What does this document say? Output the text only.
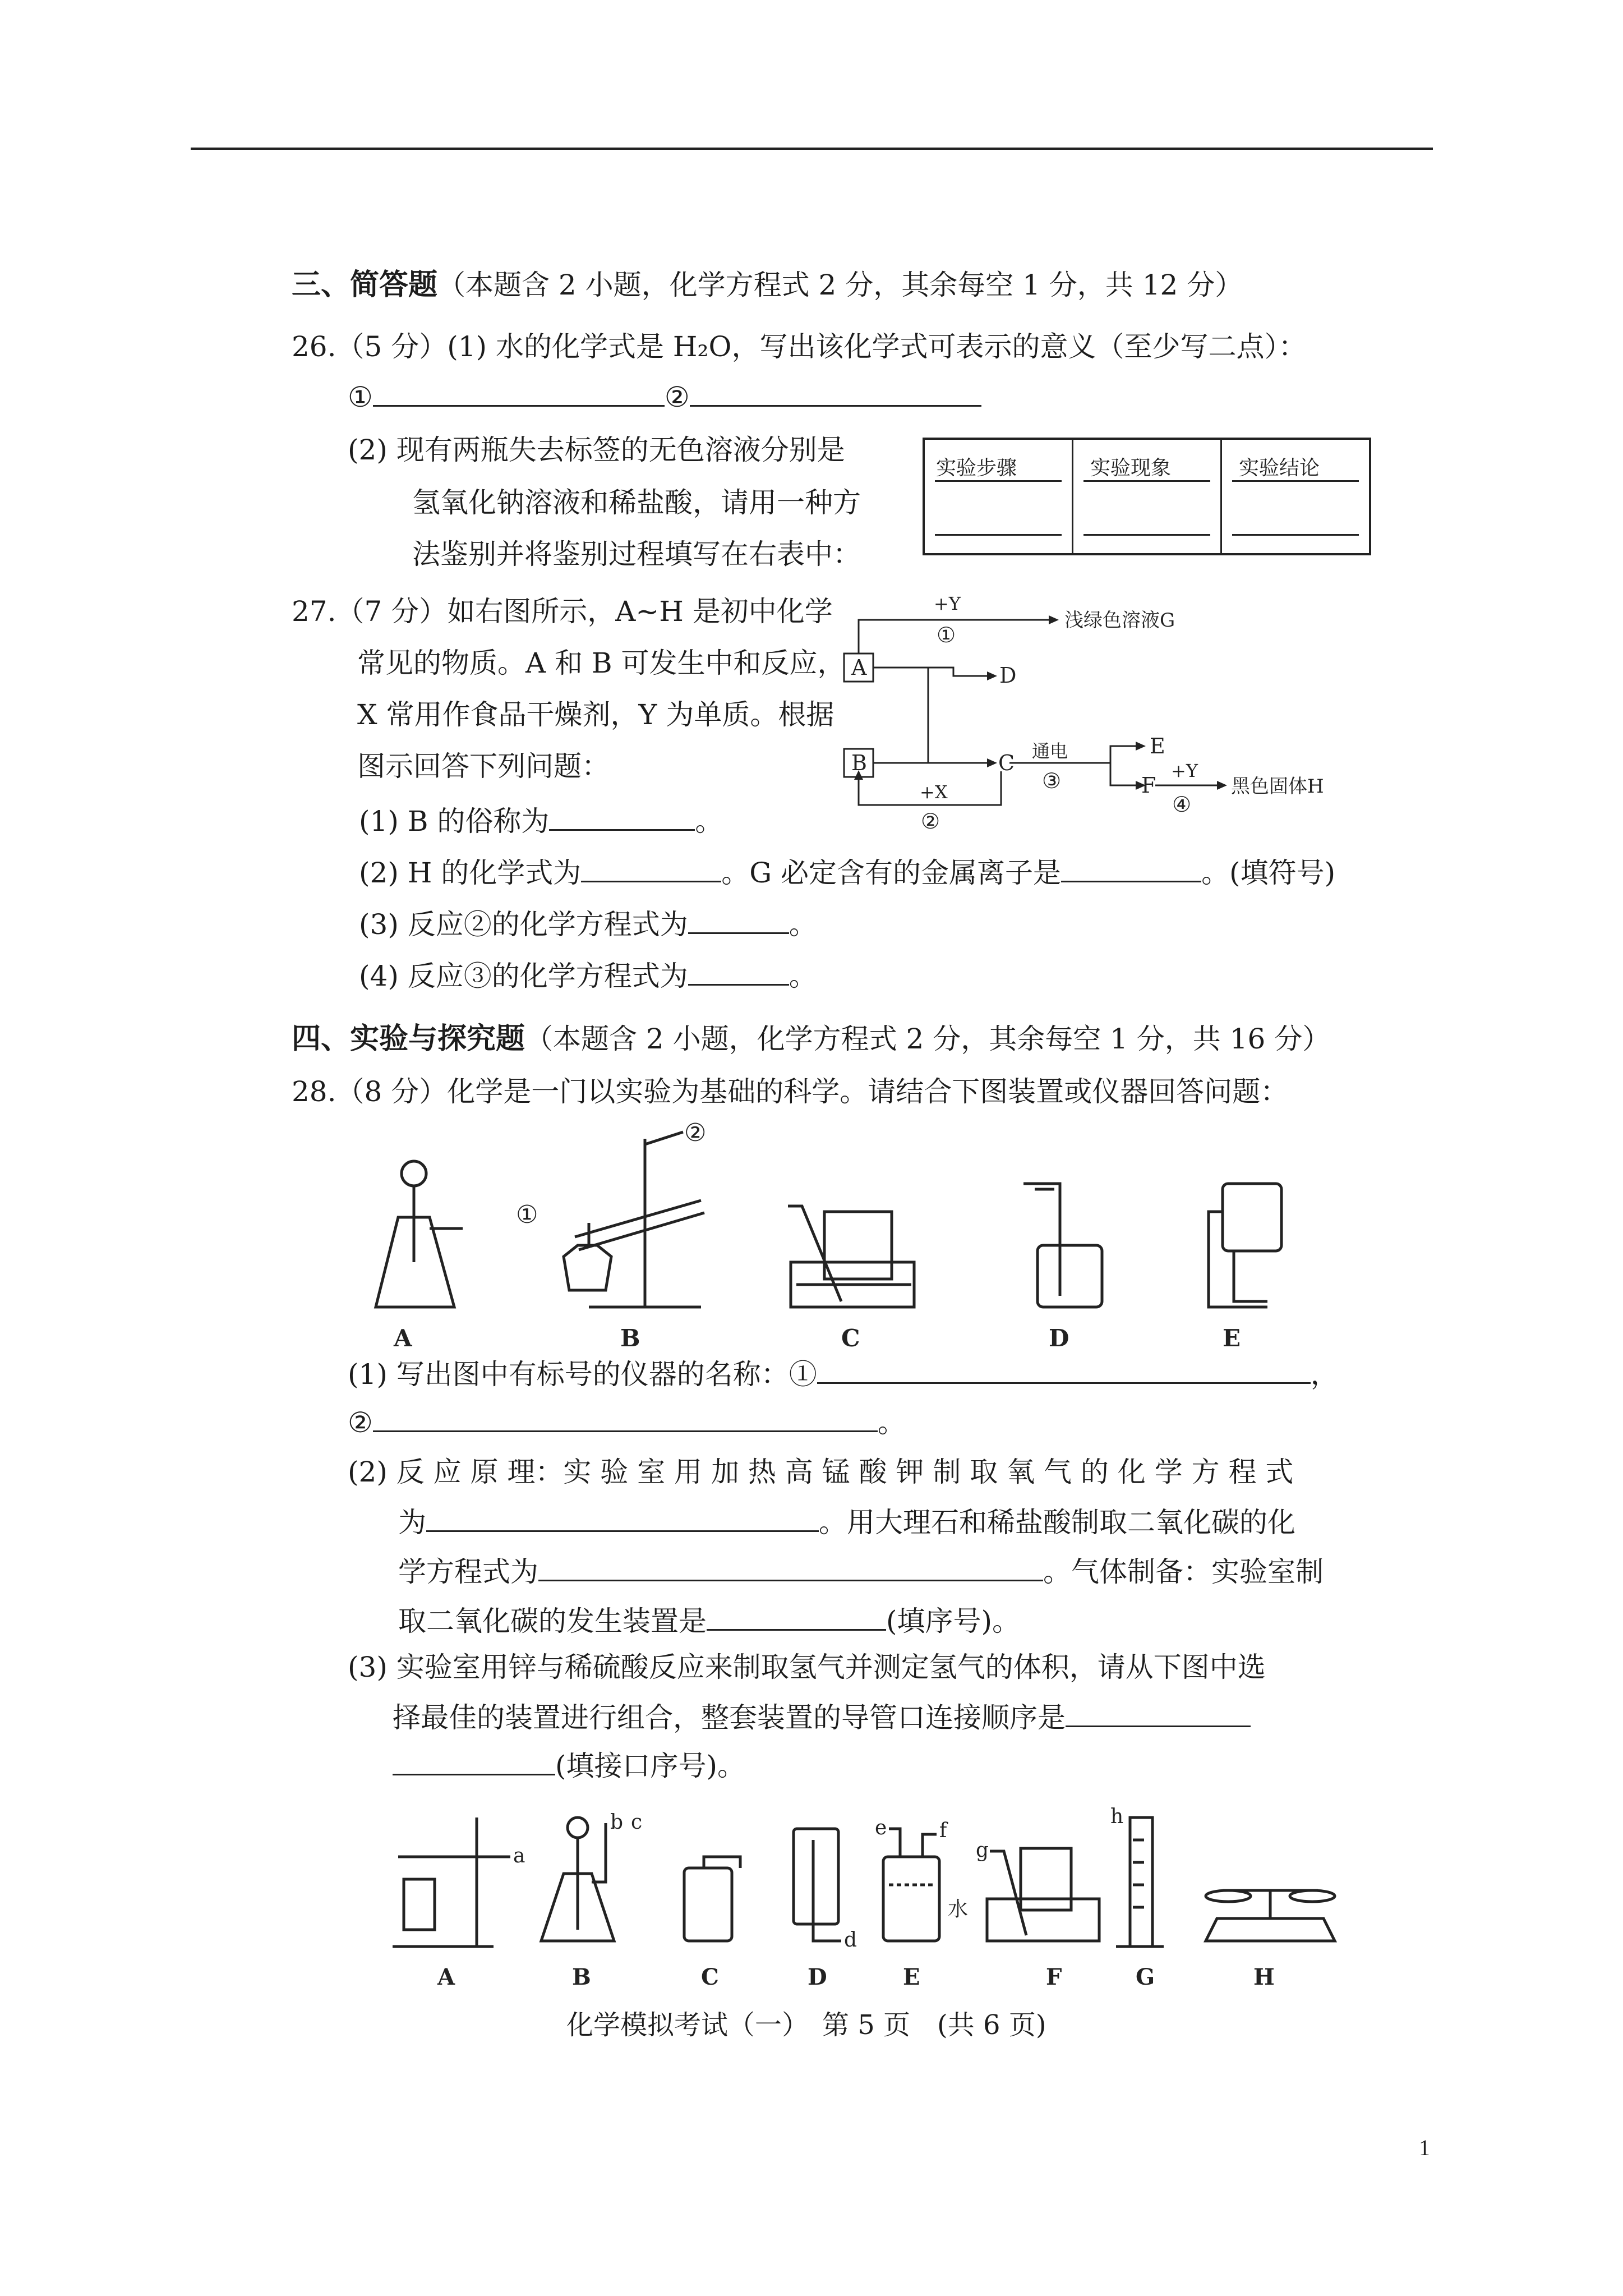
三、简答题（本题含 2 小题，化学方程式 2 分，其余每空 1 分，共 12 分）
26.（5 分）(1) 水的化学式是 H₂O，写出该化学式可表示的意义（至少写二点）：
①	②
(2) 现有两瓶失去标签的无色溶液分别是
氢氧化钠溶液和稀盐酸，请用一种方
法鉴别并将鉴别过程填写在右表中：
实验步骤	实验现象	实验结论
27.（7 分）如右图所示，A~H 是初中化学
常见的物质。A 和 B 可发生中和反应，
X 常用作食品干燥剂，Y 为单质。根据
图示回答下列问题：
A
B
+Y
①
浅绿色溶液G
D
C
+X
②
通电
③
E
F
+Y
④
黑色固体H
(1) B 的俗称为	。
(2) H 的化学式为	。G 必定含有的金属离子是	。(填符号)
(3) 反应②的化学方程式为	。
(4) 反应③的化学方程式为	。
四、实验与探究题（本题含 2 小题，化学方程式 2 分，其余每空 1 分，共 16 分）
28.（8 分）化学是一门以实验为基础的科学。请结合下图装置或仪器回答问题：
①
②
A	B	C	D	E
(1) 写出图中有标号的仪器的名称：①	，
②	。
(2) 反 应 原 理：实 验 室 用 加 热 高 锰 酸 钾 制 取 氧 气 的 化 学 方 程 式
为	。用大理石和稀盐酸制取二氧化碳的化
学方程式为	。气体制备：实验室制
取二氧化碳的发生装置是	(填序号)。
(3) 实验室用锌与稀硫酸反应来制取氢气并测定氢气的体积，请从下图中选
择最佳的装置进行组合，整套装置的导管口连接顺序是
(填接口序号)。
a
b c
d
e	f
g
h
水
A	B	C	D	E	F	G	H
化学模拟考试（一）　第 5 页　(共 6 页)
1
